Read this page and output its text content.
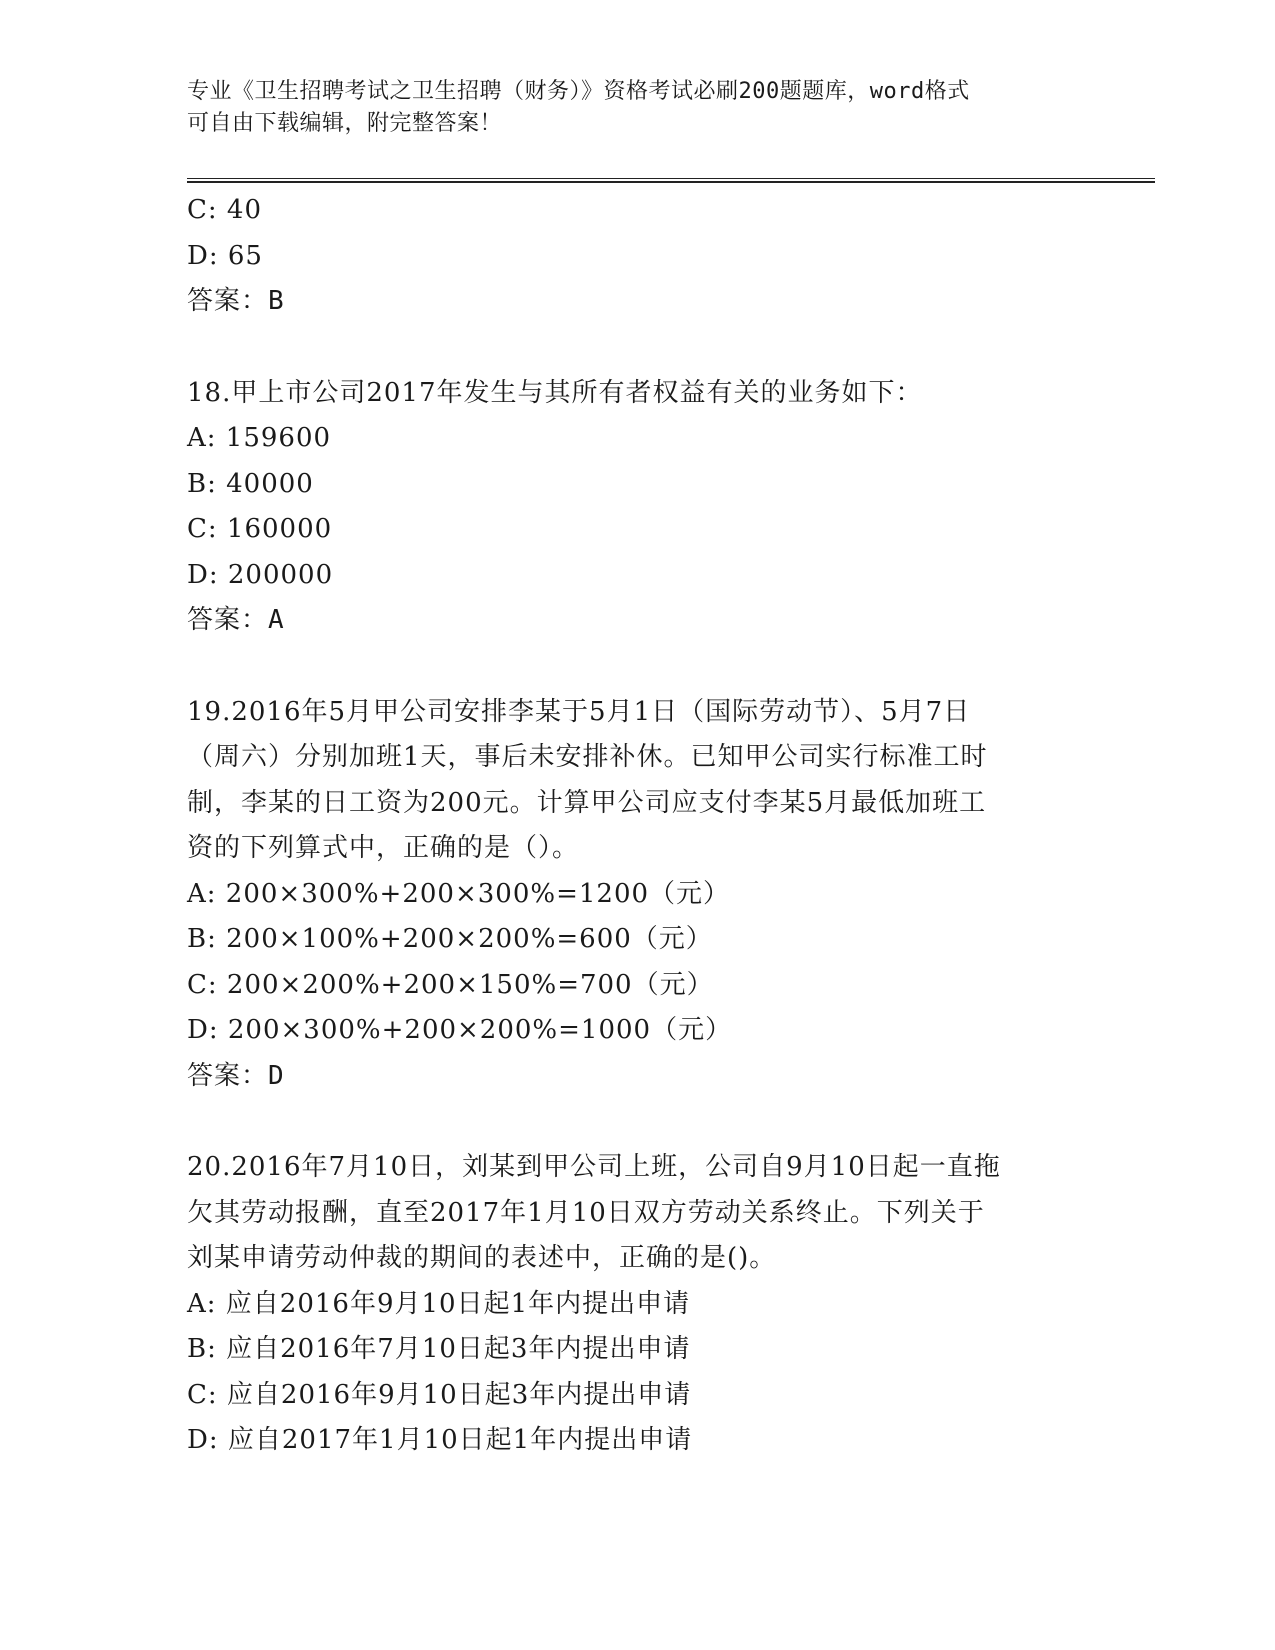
专业《卫生招聘考试之卫生招聘（财务）》资格考试必刷200题题库，word格式
可自由下载编辑，附完整答案！
C: 40
D: 65
答案：B
18.甲上市公司2017年发生与其所有者权益有关的业务如下：
A: 159600
B: 40000
C: 160000
D: 200000
答案：A
19.2016年5月甲公司安排李某于5月1日（国际劳动节）、5月7日
（周六）分别加班1天，事后未安排补休。已知甲公司实行标准工时
制，李某的日工资为200元。计算甲公司应支付李某5月最低加班工
资的下列算式中，正确的是（）。
A: 200×300%+200×300%=1200（元）
B: 200×100%+200×200%=600（元）
C: 200×200%+200×150%=700（元）
D: 200×300%+200×200%=1000（元）
答案：D
20.2016年7月10日，刘某到甲公司上班，公司自9月10日起一直拖
欠其劳动报酬，直至2017年1月10日双方劳动关系终止。下列关于
刘某申请劳动仲裁的期间的表述中，正确的是()。
A: 应自2016年9月10日起1年内提出申请
B: 应自2016年7月10日起3年内提出申请
C: 应自2016年9月10日起3年内提出申请
D: 应自2017年1月10日起1年内提出申请
